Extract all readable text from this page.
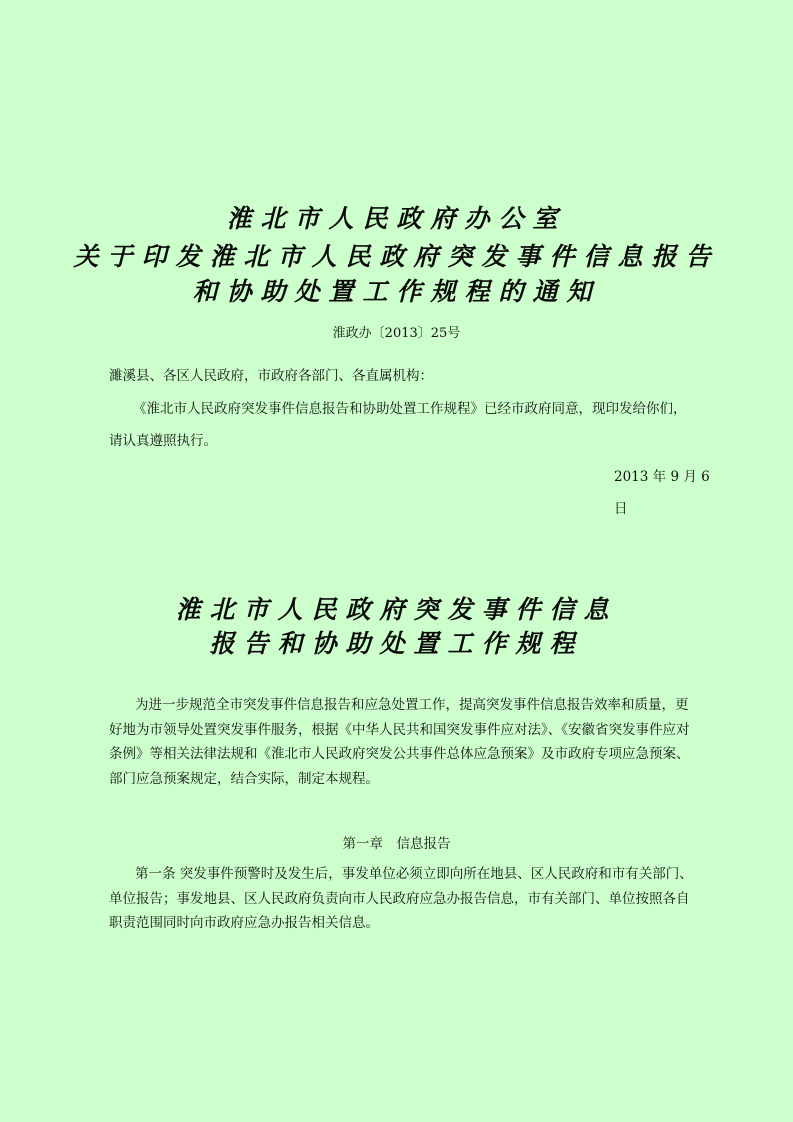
淮北市人民政府办公室
关于印发淮北市人民政府突发事件信息报告
和协助处置工作规程的通知
淮政办〔2013〕25号
濉溪县、各区人民政府，市政府各部门、各直属机构：
《淮北市人民政府突发事件信息报告和协助处置工作规程》已经市政府同意，现印发给你们，
请认真遵照执行。
2013 年 9 月 6
日
淮北市人民政府突发事件信息
报告和协助处置工作规程
为进一步规范全市突发事件信息报告和应急处置工作，提高突发事件信息报告效率和质量，更好地为市领导处置突发事件服务，根据《中华人民共和国突发事件应对法》、《安徽省突发事件应对条例》等相关法律法规和《淮北市人民政府突发公共事件总体应急预案》及市政府专项应急预案、部门应急预案规定，结合实际，制定本规程。
第一章　信息报告
第一条 突发事件预警时及发生后，事发单位必须立即向所在地县、区人民政府和市有关部门、单位报告；事发地县、区人民政府负责向市人民政府应急办报告信息，市有关部门、单位按照各自职责范围同时向市政府应急办报告相关信息。
